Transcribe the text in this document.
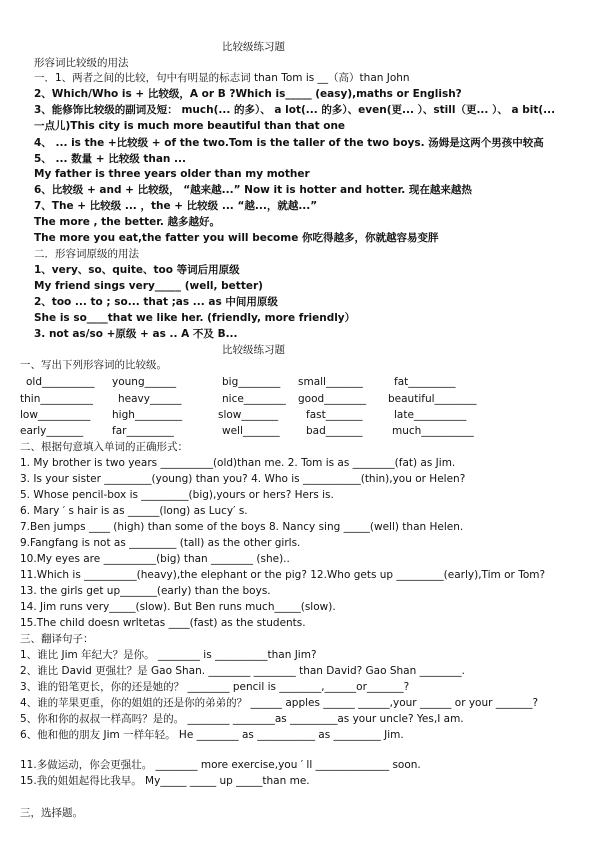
比较级练习题
形容词比较级的用法
一．1、两者之间的比较，句中有明显的标志词 than Tom is __（高）than John
2、Which/Who is + 比较级，A or B ?Which is_____ (easy),maths or English?
3、能修饰比较级的副词及短： much(... 的多）、 a lot(... 的多）、even(更... ）、still（更... ）、 a bit(...
一点儿)This city is much more beautiful than that one
4、 ... is the +比较级 + of the two.Tom is the taller of the two boys. 汤姆是这两个男孩中较高
5、 ... 数量 + 比较级 than ...
My father is three years older than my mother
6、比较级 + and + 比较级， “越来越...” Now it is hotter and hotter. 现在越来越热
7、The + 比较级 ... ，the + 比较级 ... “越...，就越...”
The more , the better. 越多越好。
The more you eat,the fatter you will become 你吃得越多，你就越容易变胖
二．形容词原级的用法
1、very、so、quite、too 等词后用原级
My friend sings very_____ (well, better)
2、too ... to ; so... that ;as ... as 中间用原级
She is so____that we like her. (friendly, more friendly）
3. not as/so +原级 + as .. A 不及 B...
比较级练习题
一、写出下列形容词的比较级。
old__________ young______	big________ small_______	fat_________
thin__________ heavy______	nice________ good________ beautiful________
low__________ high_________	slow_______	fast_______	late__________
early_______	far_________	well_______	bad_______	much__________
二、根据句意填入单词的正确形式：
1. My brother is two years __________(old)than me. 2. Tom is as ________(fat) as Jim.
3. Is your sister _________(young) than you? 4. Who is ___________(thin),you or Helen?
5. Whose pencil-box is _________(big),yours or hers? Hers is.
6. Mary ′ s hair is as ______(long) as Lucy′ s.
7.Ben jumps ____ (high) than some of the boys 8. Nancy sing _____(well) than Helen.
9.Fangfang is not as _________ (tall) as the other girls.
10.My eyes are __________(big) than ________ (she)..
11.Which is __________(heavy),the elephant or the pig? 12.Who gets up _________(early),Tim or Tom?
13. the girls get up_______(early) than the boys.
14. Jim runs very_____(slow). But Ben runs much_____(slow).
15.The child doesn wrltetas ____(fast) as the students.
三、翻译句子：
1、谁比 Jim 年纪大？是你。 ________ is __________than Jim?
2、谁比 David 更强壮？是 Gao Shan. ________ ________ than David? Gao Shan ________.
3、谁的铅笔更长，你的还是她的？ ________ pencil is ________,______or_______?
4、谁的苹果更重，你的姐姐的还是你的弟弟的？ ______ apples ______ ______,your ______ or your _______?
5、你和你的叔叔一样高吗？是的。 ________ ________as _________as your uncle? Yes,I am.
6、他和他的朋友 Jim 一样年轻。 He ________ as ___________ as _________ Jim.
11.多做运动，你会更强壮。 ________ more exercise,you ′ ll ______________ soon.
15.我的姐姐起得比我早。 My_____ _____ up _____than me.
三，选择题。
